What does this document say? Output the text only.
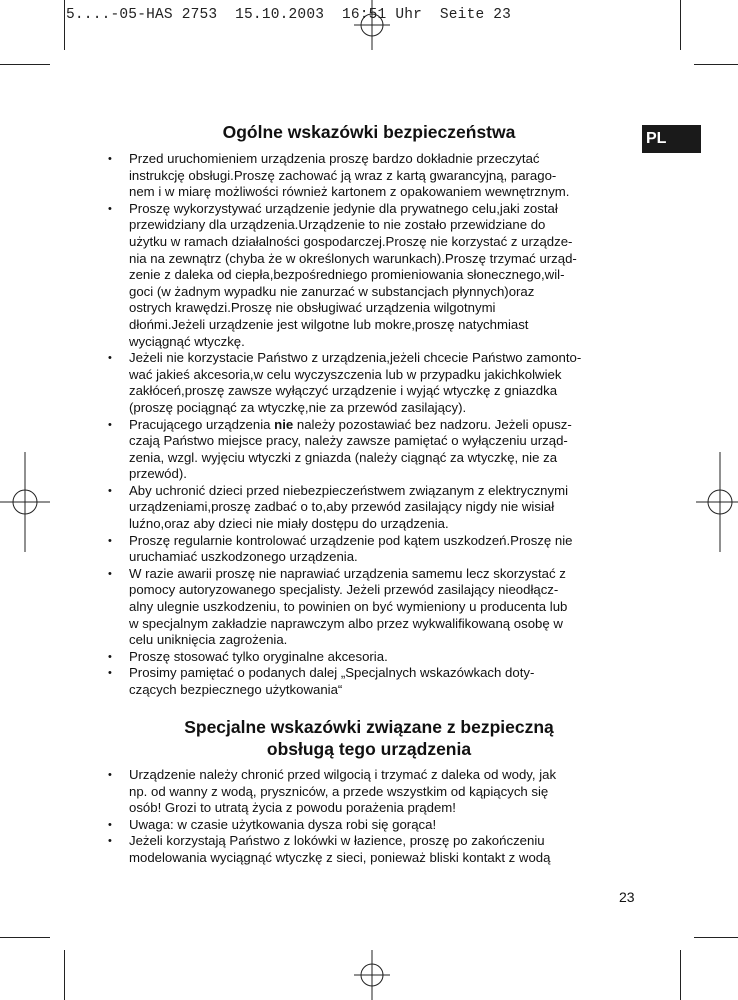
5....-05-HAS 2753  15.10.2003  16:51 Uhr  Seite 23
PL
Ogólne wskazówki bezpieczeństwa
• Przed uruchomieniem urządzenia proszę bardzo dokładnie przeczytać
instrukcję obsługi.Proszę zachować ją wraz z kartą gwarancyjną, parago-
nem i w miarę możliwości również kartonem z opakowaniem wewnętrznym.
• Proszę wykorzystywać urządzenie jedynie dla prywatnego celu,jaki został
przewidziany dla urządzenia.Urządzenie to nie zostało przewidziane do
użytku w ramach działalności gospodarczej.Proszę nie korzystać z urządze-
nia na zewnątrz (chyba że w określonych warunkach).Proszę trzymać urząd-
zenie z daleka od ciepła,bezpośredniego promieniowania słonecznego,wil-
goci (w żadnym wypadku nie zanurzać w substancjach płynnych)oraz
ostrych krawędzi.Proszę nie obsługiwać urządzenia wilgotnymi
dłońmi.Jeżeli urządzenie jest wilgotne lub mokre,proszę natychmiast
wyciągnąć wtyczkę.
• Jeżeli nie korzystacie Państwo z urządzenia,jeżeli chcecie Państwo zamonto-
wać jakieś akcesoria,w celu wyczyszczenia lub w przypadku jakichkolwiek
zakłóceń,proszę zawsze wyłączyć urządzenie i wyjąć wtyczkę z gniazdka
(proszę pociągnąć za wtyczkę,nie za przewód zasilający).
• Pracującego urządzenia nie należy pozostawiać bez nadzoru. Jeżeli opusz-
czają Państwo miejsce pracy, należy zawsze pamiętać o wyłączeniu urząd-
zenia, wzgl. wyjęciu wtyczki z gniazda (należy ciągnąć za wtyczkę, nie za
przewód).
• Aby uchronić dzieci przed niebezpieczeństwem związanym z elektrycznymi
urządzeniami,proszę zadbać o to,aby przewód zasilający nigdy nie wisiał
luźno,oraz aby dzieci nie miały dostępu do urządzenia.
• Proszę regularnie kontrolować urządzenie pod kątem uszkodzeń.Proszę nie
uruchamiać uszkodzonego urządzenia.
• W razie awarii proszę nie naprawiać urządzenia samemu lecz skorzystać z
pomocy autoryzowanego specjalisty. Jeżeli przewód zasilający nieodłącz-
alny ulegnie uszkodzeniu, to powinien on być wymieniony u producenta lub
w specjalnym zakładzie naprawczym albo przez wykwalifikowaną osobę w
celu uniknięcia zagrożenia.
• Proszę stosować tylko oryginalne akcesoria.
• Prosimy pamiętać o podanych dalej „Specjalnych wskazówkach doty-
czących bezpiecznego użytkowania“
Specjalne wskazówki związane z bezpieczną
obsługą tego urządzenia
• Urządzenie należy chronić przed wilgocią i trzymać z daleka od wody, jak
np. od wanny z wodą, pryszniców, a przede wszystkim od kąpiących się
osób! Grozi to utratą życia z powodu porażenia prądem!
• Uwaga: w czasie użytkowania dysza robi się gorąca!
• Jeżeli korzystają Państwo z lokówki w łazience, proszę po zakończeniu
modelowania wyciągnąć wtyczkę z sieci, ponieważ bliski kontakt z wodą
23
